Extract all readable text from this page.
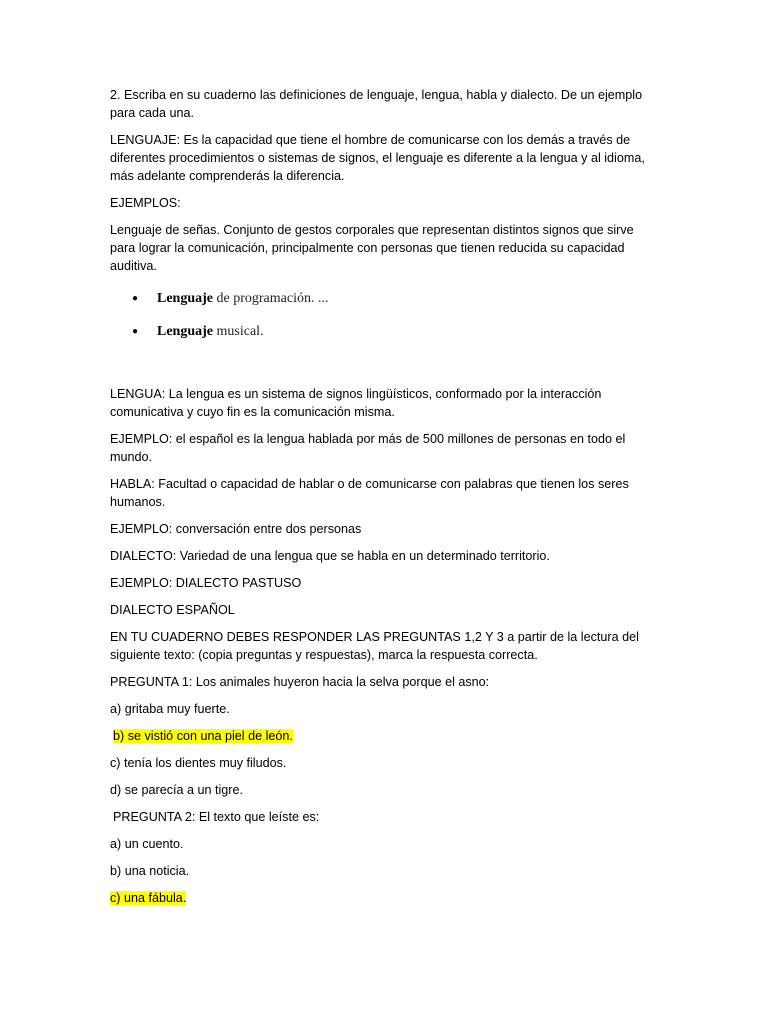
2. Escriba en su cuaderno las definiciones de lenguaje, lengua, habla y dialecto. De un ejemplo para cada una.

LENGUAJE: Es la capacidad que tiene el hombre de comunicarse con los demás a través de diferentes procedimientos o sistemas de signos, el lenguaje es diferente a la lengua y al idioma, más adelante comprenderás la diferencia.

EJEMPLOS:

Lenguaje de señas. Conjunto de gestos corporales que representan distintos signos que sirve para lograr la comunicación, principalmente con personas que tienen reducida su capacidad auditiva.

● Lenguaje de programación. ...
● Lenguaje musical.

LENGUA: La lengua es un sistema de signos lingüísticos, conformado por la interacción comunicativa y cuyo fin es la comunicación misma.

EJEMPLO: el español es la lengua hablada por más de 500 millones de personas en todo el mundo.

HABLA: Facultad o capacidad de hablar o de comunicarse con palabras que tienen los seres humanos.

EJEMPLO: conversación entre dos personas

DIALECTO: Variedad de una lengua que se habla en un determinado territorio.

EJEMPLO: DIALECTO PASTUSO

DIALECTO ESPAÑOL

EN TU CUADERNO DEBES RESPONDER LAS PREGUNTAS 1,2 Y 3 a partir de la lectura del siguiente texto: (copia preguntas y respuestas), marca la respuesta correcta.

PREGUNTA 1: Los animales huyeron hacia la selva porque el asno:

a) gritaba muy fuerte.

b) se vistió con una piel de león.

c) tenía los dientes muy filudos.

d) se parecía a un tigre.

PREGUNTA 2: El texto que leíste es:

a) un cuento.

b) una noticia.

c) una fábula.
